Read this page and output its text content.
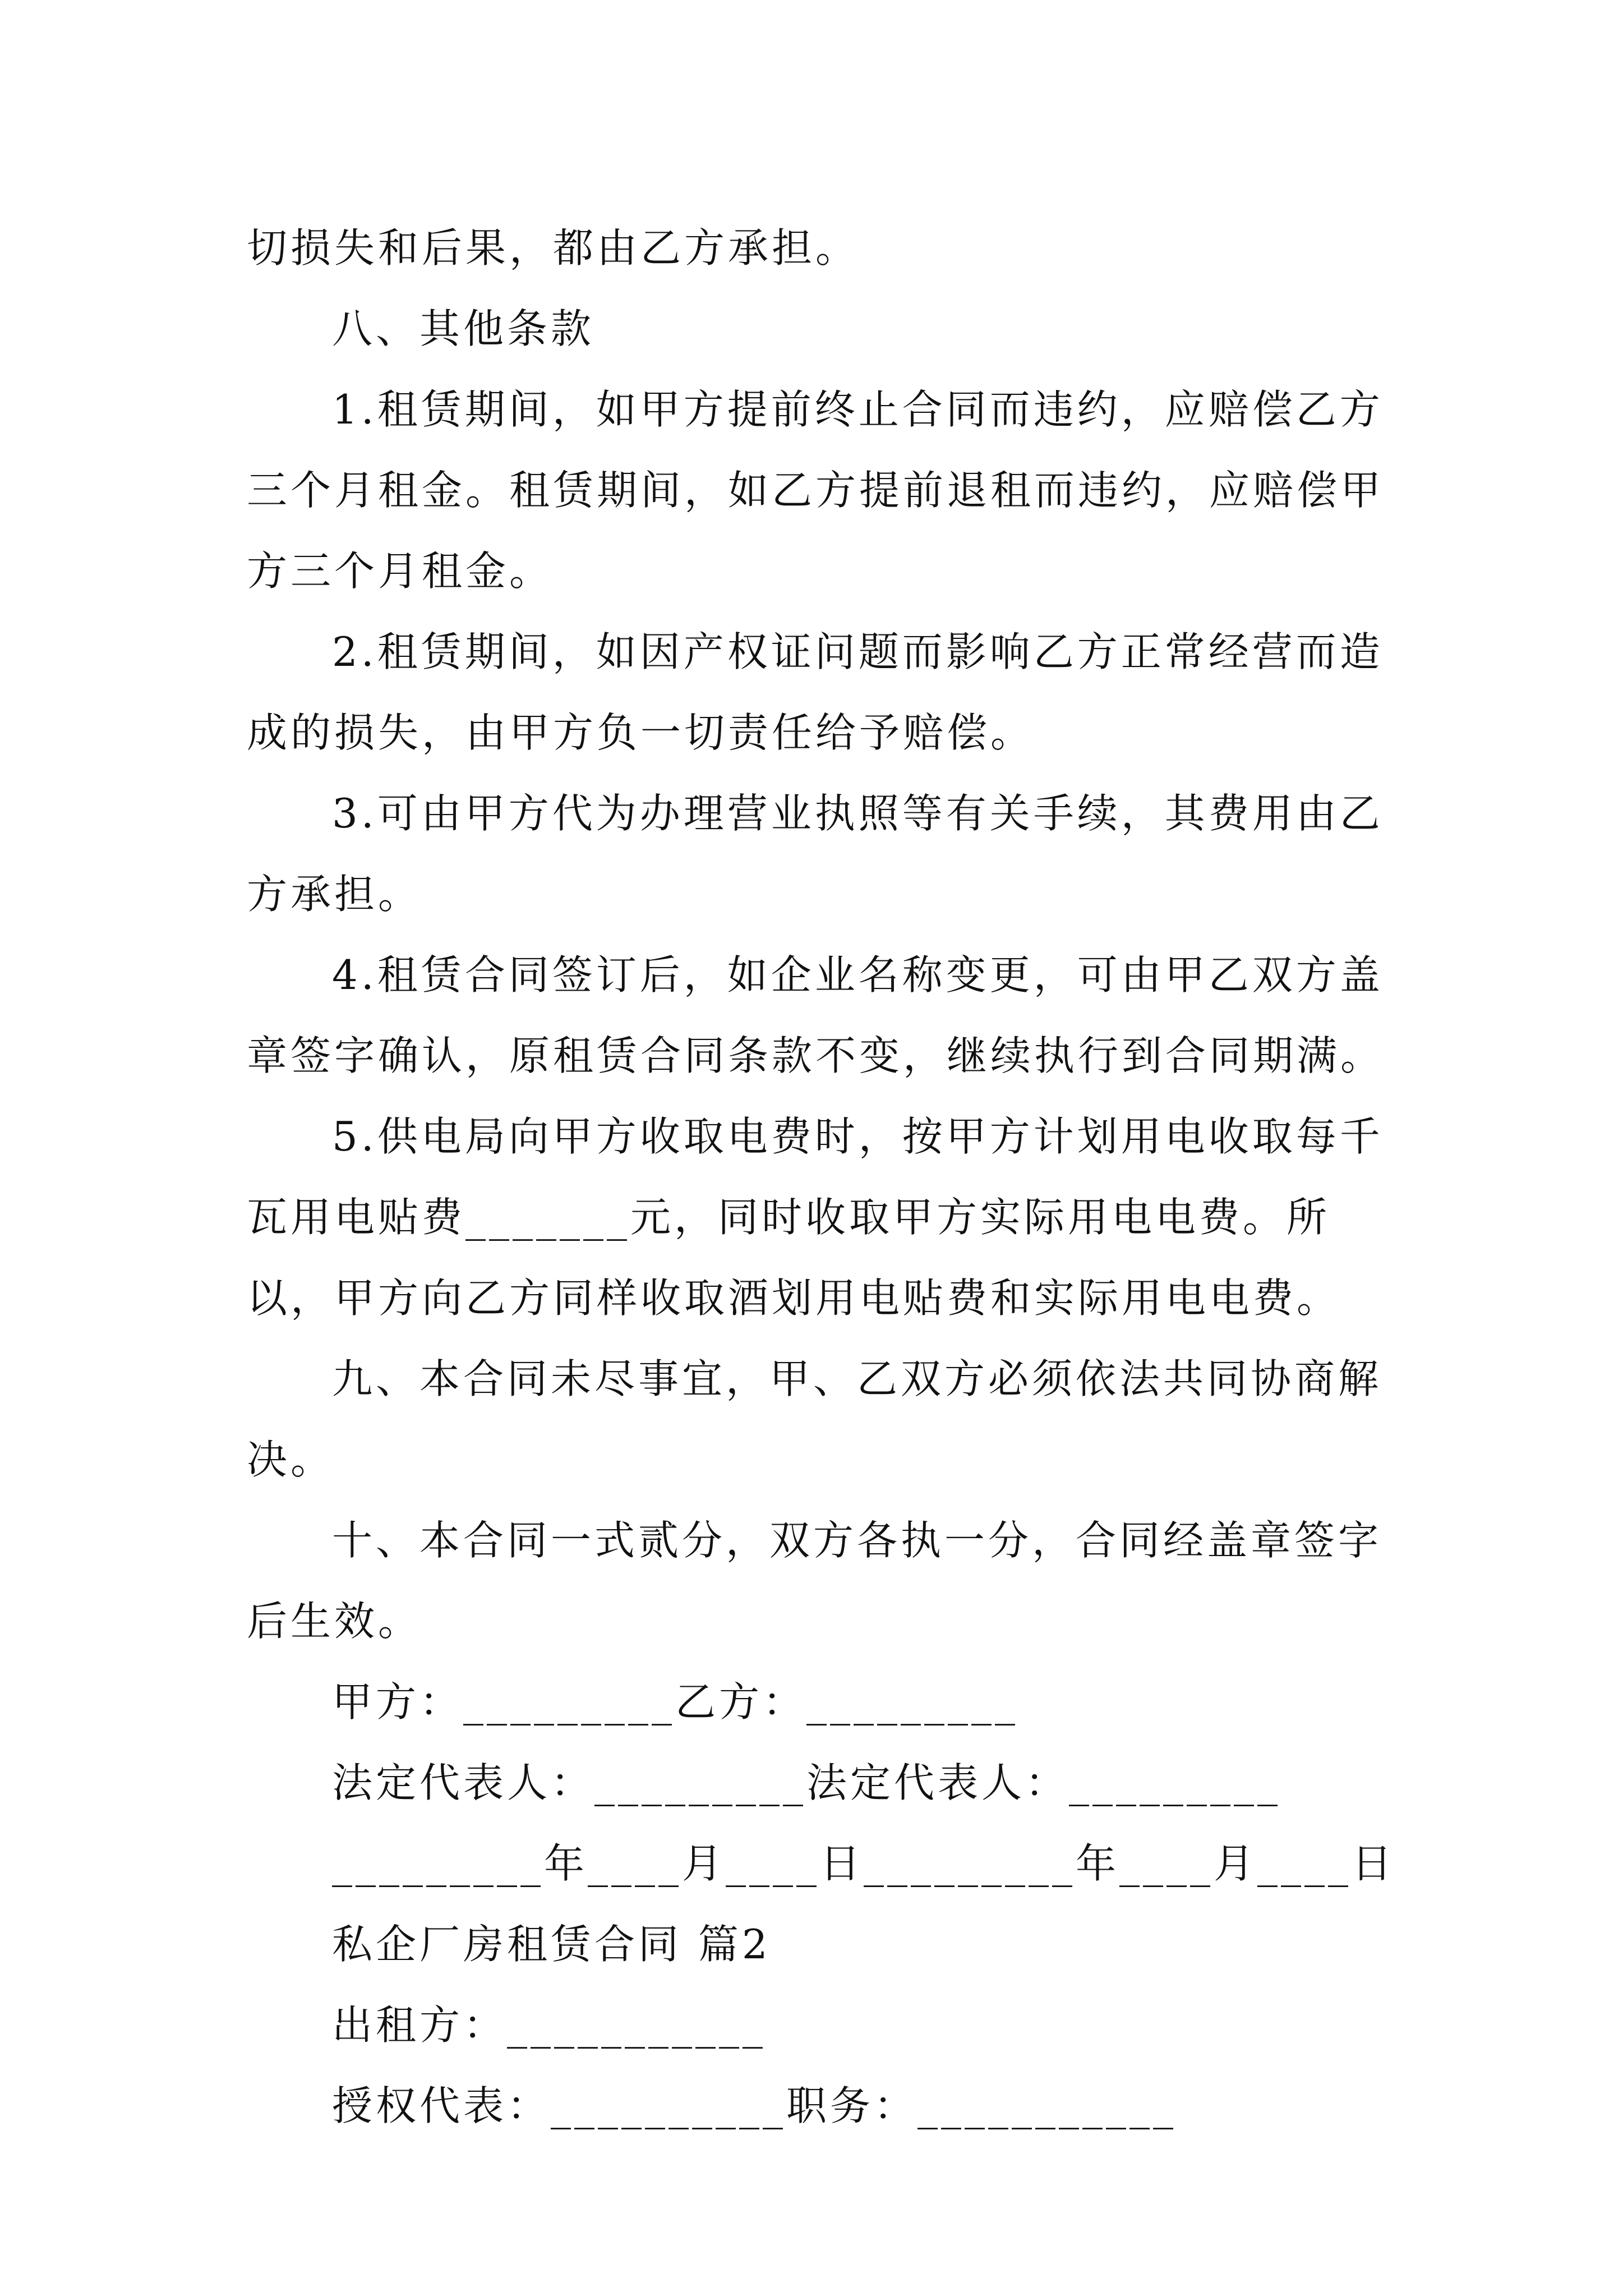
切损失和后果，都由乙方承担。

八、其他条款

1.租赁期间，如甲方提前终止合同而违约，应赔偿乙方三个月租金。租赁期间，如乙方提前退租而违约，应赔偿甲方三个月租金。

2.租赁期间，如因产权证问题而影响乙方正常经营而造成的损失，由甲方负一切责任给予赔偿。

3.可由甲方代为办理营业执照等有关手续，其费用由乙方承担。

4.租赁合同签订后，如企业名称变更，可由甲乙双方盖章签字确认，原租赁合同条款不变，继续执行到合同期满。

5.供电局向甲方收取电费时，按甲方计划用电收取每千瓦用电贴费_______元，同时收取甲方实际用电电费。所以，甲方向乙方同样收取酒划用电贴费和实际用电电费。

九、本合同未尽事宜，甲、乙双方必须依法共同协商解决。

十、本合同一式贰分，双方各执一分，合同经盖章签字后生效。

甲方：_________乙方：_________
法定代表人：_________法定代表人：_________
_________年____月____日_________年____月____日
私企厂房租赁合同 篇2
出租方：___________
授权代表：__________职务：___________
